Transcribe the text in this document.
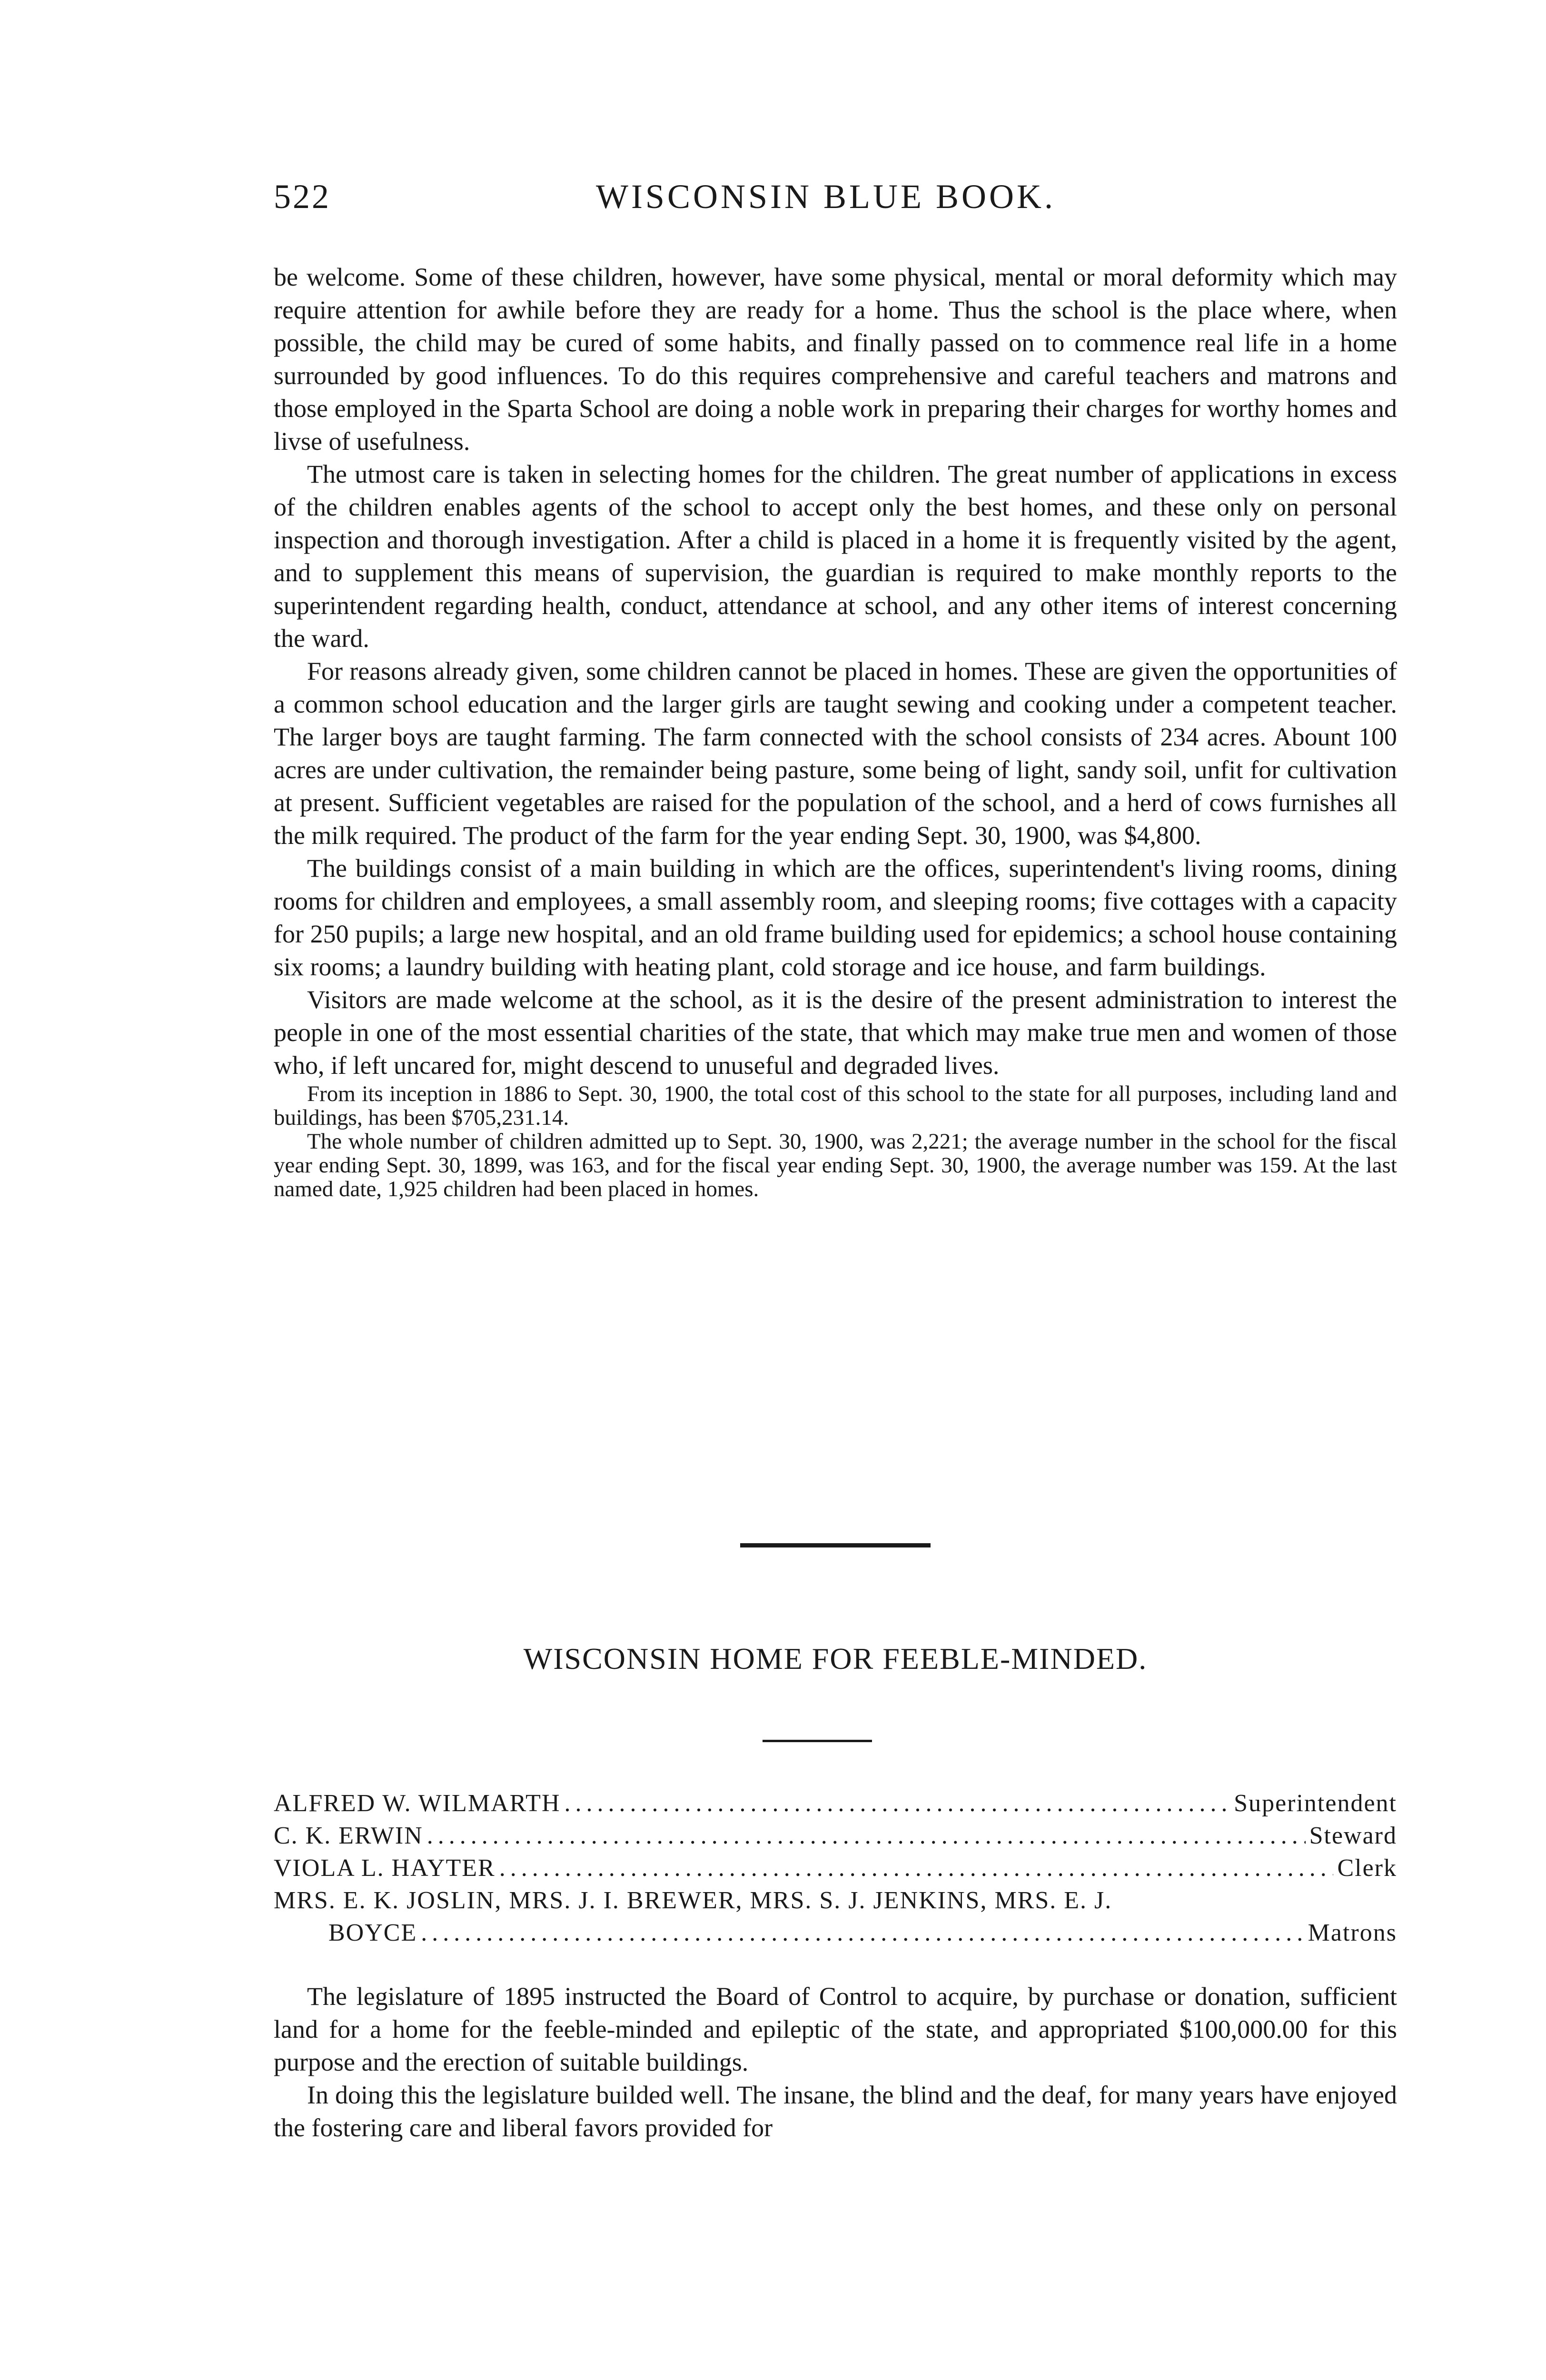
522	WISCONSIN BLUE BOOK.

be welcome. Some of these children, however, have some physical, mental or moral deformity which may require attention for awhile before they are ready for a home. Thus the school is the place where, when possible, the child may be cured of some habits, and finally passed on to commence real life in a home surrounded by good influences. To do this requires comprehensive and careful teachers and matrons and those employed in the Sparta School are doing a noble work in preparing their charges for worthy homes and livse of usefulness.

The utmost care is taken in selecting homes for the children. The great number of applications in excess of the children enables agents of the school to accept only the best homes, and these only on personal inspection and thorough investigation. After a child is placed in a home it is frequently visited by the agent, and to supplement this means of supervision, the guardian is required to make monthly reports to the superintendent regarding health, conduct, attendance at school, and any other items of interest concerning the ward.

For reasons already given, some children cannot be placed in homes. These are given the opportunities of a common school education and the larger girls are taught sewing and cooking under a competent teacher. The larger boys are taught farming. The farm connected with the school consists of 234 acres. Abount 100 acres are under cultivation, the remainder being pasture, some being of light, sandy soil, unfit for cultivation at present. Sufficient vegetables are raised for the population of the school, and a herd of cows furnishes all the milk required. The product of the farm for the year ending Sept. 30, 1900, was $4,800.

The buildings consist of a main building in which are the offices, superintendent's living rooms, dining rooms for children and employees, a small assembly room, and sleeping rooms; five cottages with a capacity for 250 pupils; a large new hospital, and an old frame building used for epidemics; a school house containing six rooms; a laundry building with heating plant, cold storage and ice house, and farm buildings.

Visitors are made welcome at the school, as it is the desire of the present administration to interest the people in one of the most essential charities of the state, that which may make true men and women of those who, if left uncared for, might descend to unuseful and degraded lives.

From its inception in 1886 to Sept. 30, 1900, the total cost of this school to the state for all purposes, including land and buildings, has been $705,231.14.

The whole number of children admitted up to Sept. 30, 1900, was 2,221; the average number in the school for the fiscal year ending Sept. 30, 1899, was 163, and for the fiscal year ending Sept. 30, 1900, the average number was 159. At the last named date, 1,925 children had been placed in homes.

WISCONSIN HOME FOR FEEBLE-MINDED.
ALFRED W. WILMARTH .....	Superintendent
C. K. ERWIN .....	Steward
VIOLA L. HAYTER .....	Clerk
MRS. E. K. JOSLIN, MRS. J. I. BREWER, MRS. S. J. JENKINS, MRS. E. J.
BOYCE .....	Matrons

The legislature of 1895 instructed the Board of Control to acquire, by purchase or donation, sufficient land for a home for the feeble-minded and epileptic of the state, and appropriated $100,000.00 for this purpose and the erection of suitable buildings.

In doing this the legislature builded well. The insane, the blind and the deaf, for many years have enjoyed the fostering care and liberal favors provided for
